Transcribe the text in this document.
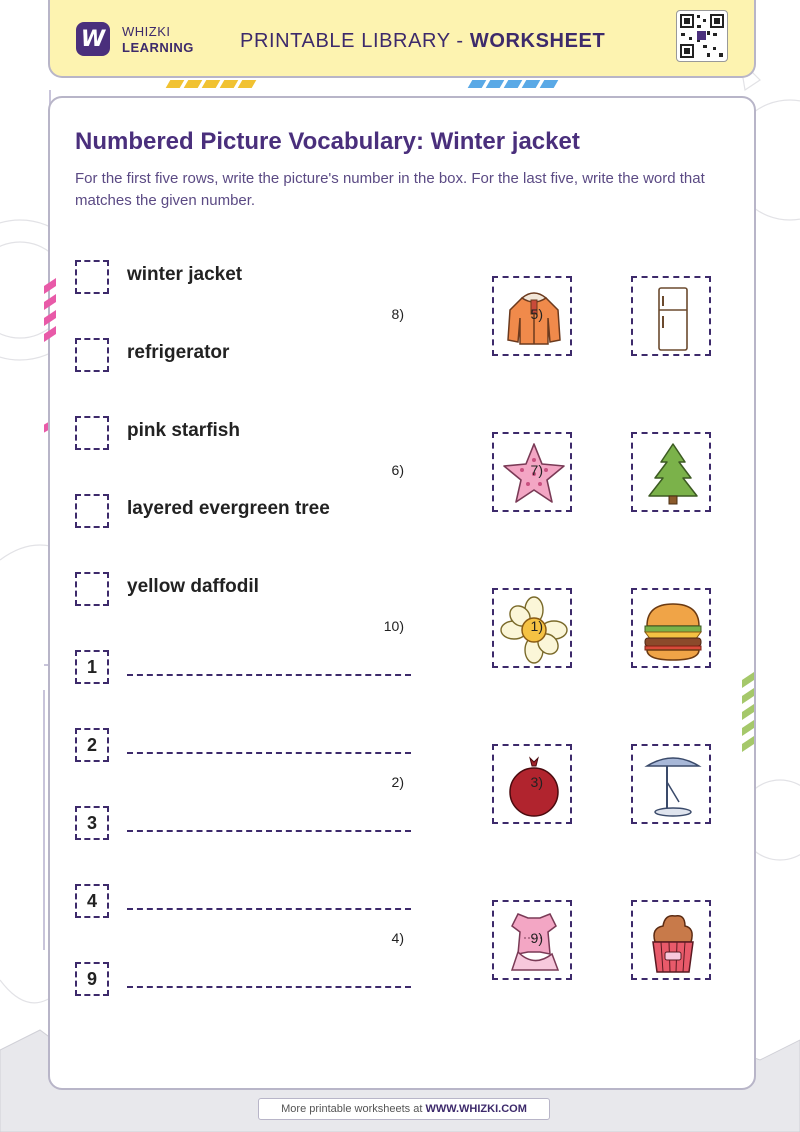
W WHIZKI
LEARNING PRINTABLE LIBRARY - WORKSHEET
Numbered Picture Vocabulary: Winter jacket
For the first five rows, write the picture's number in the box. For the last five, write the word that matches the given number.
winter jacket
refrigerator
pink starfish
layered evergreen tree
yellow daffodil
1
2
3
4
9
8)	5)
6)	7)
10)	1)
2)	3)
4)	9)
More printable worksheets at WWW.WHIZKI.COM
